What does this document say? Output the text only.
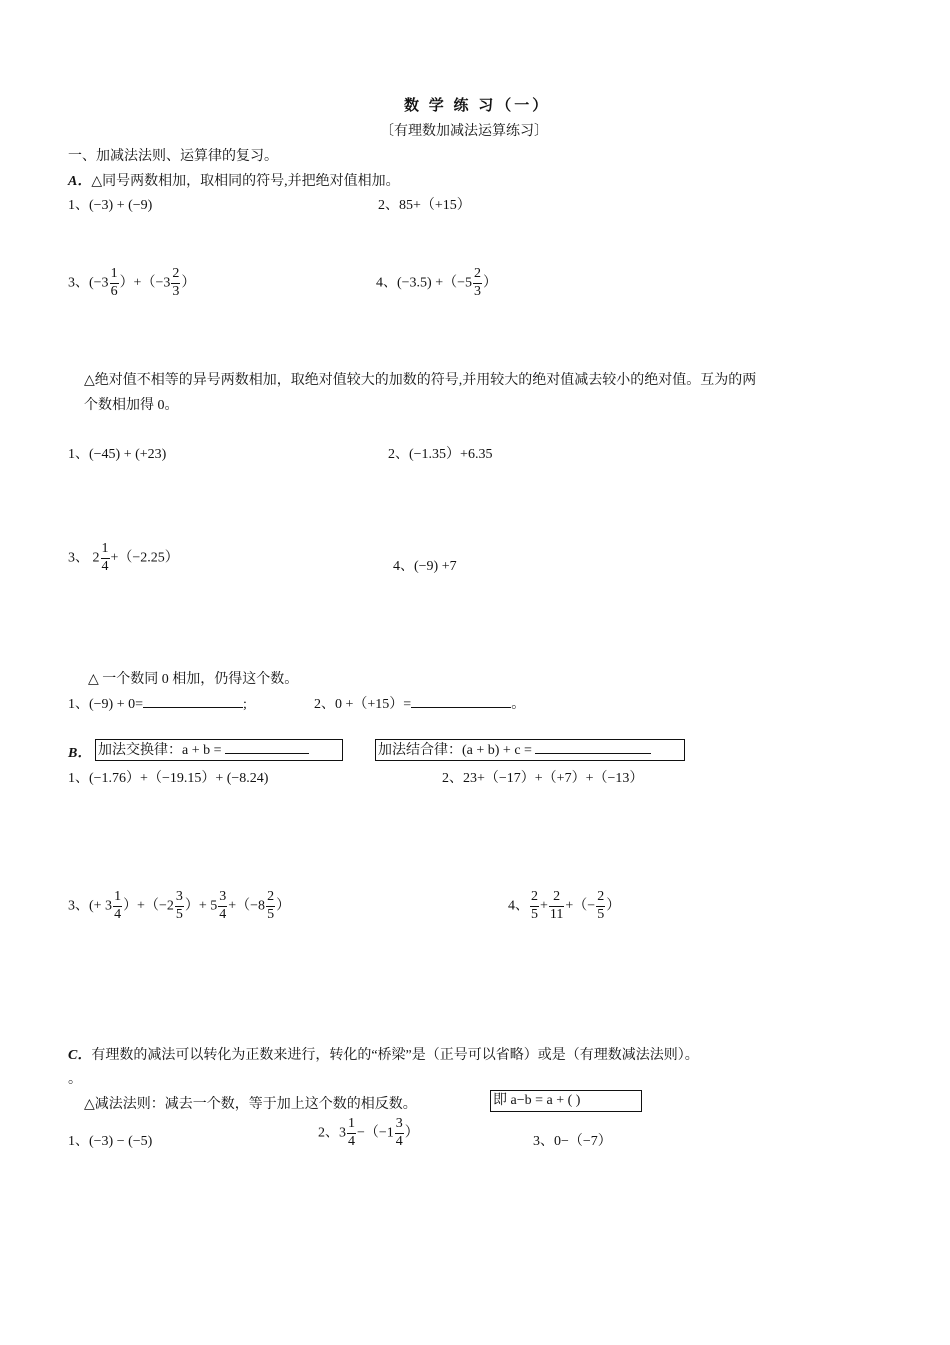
数 学 练 习（一）
〔有理数加减法运算练习〕
一、加减法法则、运算律的复习。
A．△同号两数相加，取相同的符号,并把绝对值相加。
1、(−3) + (−9)	2、85+（+15）
3、$(-3 \frac{1}{6} )+(-3 \frac{2}{3}$ ）	4、$(-3.5) +(-5 \frac{2}{3}$ ）
△绝对值不相等的异号两数相加，取绝对值较大的加数的符号,并用较大的绝对值减去较小的绝对值。互为的两
个数相加得 0。
1、(−45) + (+23)	2、(−1.35）+6.35
3、 $2 \frac{1}{4} +(-2.25)$
4、(−9) +7
△ 一个数同 0 相加，仍得这个数。
1、(−9) + 0=	;	2、0 +（+15）=	。
B． 加法交换律：a + b =	加法结合律：(a + b) + c =
1、(−1.76）+（−19.15）+ (−8.24)	2、23+（−17）+（+7）+（−13）
3、(+ $3 \frac{1}{4} )+(-2 \frac{3}{5}$ ）+ $5 \frac{3}{4} +(-8 \frac{2}{5}$ ）	4、 $\frac{2}{5} + \frac{2}{11}$ +（− $\frac{2}{5}$ ）
C．有理数的减法可以转化为正数来进行，转化的“桥梁”是（正号可以省略）或是（有理数减法法则）。
。
△减法法则：减去一个数，等于加上这个数的相反数。	即 a−b = a + ( )
1、(−3) − (−5)
2、$3 \frac{1}{4} -(-1 \frac{3}{4}$ ）
3、0−（−7）
